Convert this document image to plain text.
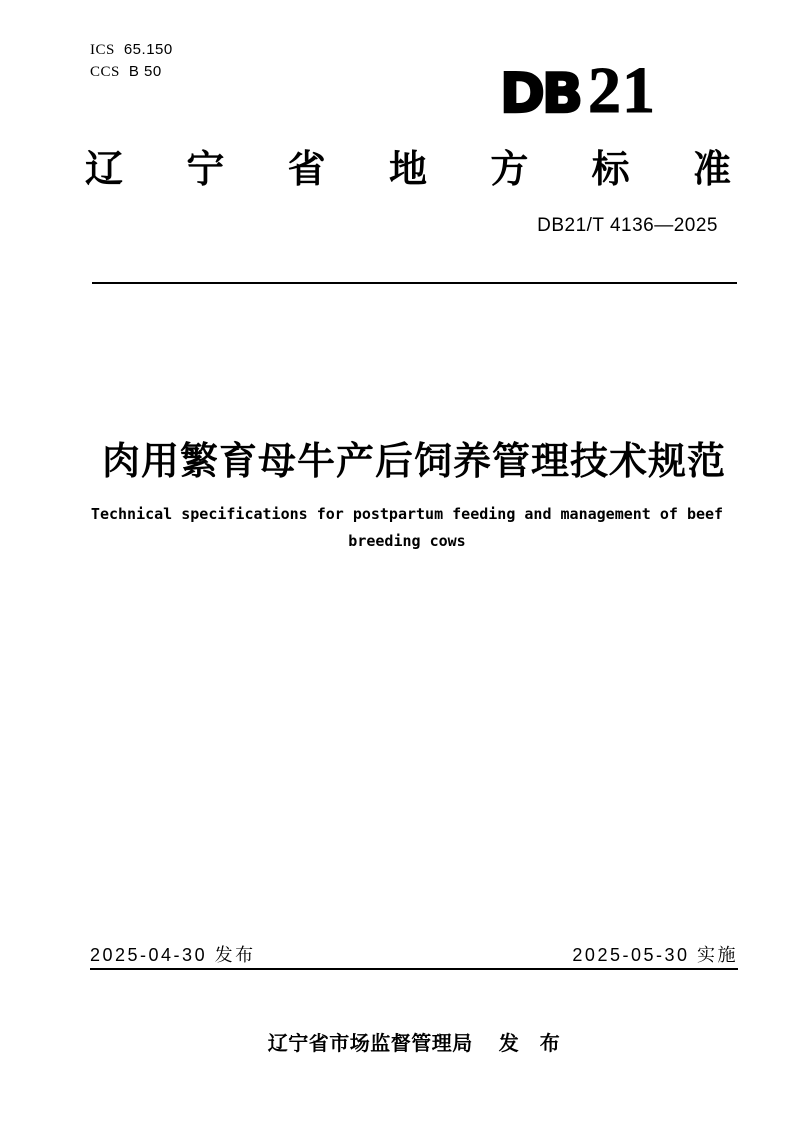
ICS 65.150
CCS B 50	DB 21
辽 宁 省 地 方 标 准
DB21/T 4136—2025
肉用繁育母牛产后饲养管理技术规范
Technical specifications for postpartum feeding and management of beef
breeding cows
2025-04-30 发布	2025-05-30 实施
辽宁省市场监督管理局 发　布
